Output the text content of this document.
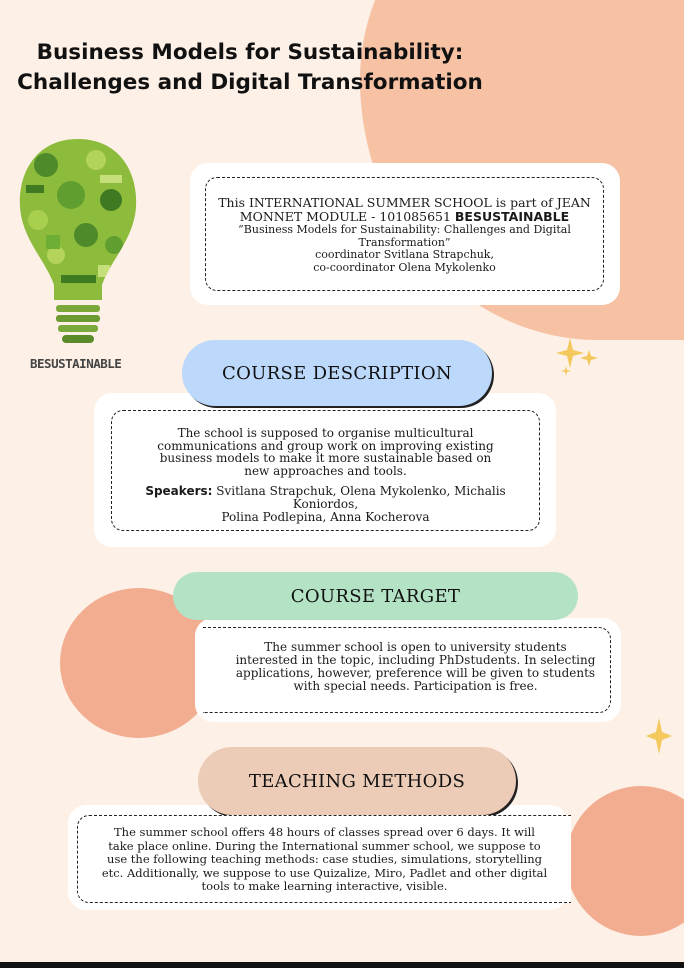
Business Models for Sustainability:
Challenges and Digital Transformation
BESUSTAINABLE
This INTERNATIONAL SUMMER SCHOOL is part of JEAN
MONNET MODULE - 101085651 BESUSTAINABLE
“Business Models for Sustainability: Challenges and Digital
Transformation”
coordinator Svitlana Strapchuk,
co-coordinator Olena Mykolenko
COURSE DESCRIPTION
The school is supposed to organise multicultural
communications and group work on improving existing
business models to make it more sustainable based on
new approaches and tools.
Speakers: Svitlana Strapchuk, Olena Mykolenko, Michalis Koniordos,
Polina Podlepina, Anna Kocherova
COURSE TARGET
The summer school is open to university students
interested in the topic, including PhDstudents. In selecting
applications, however, preference will be given to students
with special needs. Participation is free.
TEACHING METHODS
The summer school offers 48 hours of classes spread over 6 days. It will
take place online. During the International summer school, we suppose to
use the following teaching methods: case studies, simulations, storytelling
etc. Additionally, we suppose to use Quizalize, Miro, Padlet and other digital
tools to make learning interactive, visible.
